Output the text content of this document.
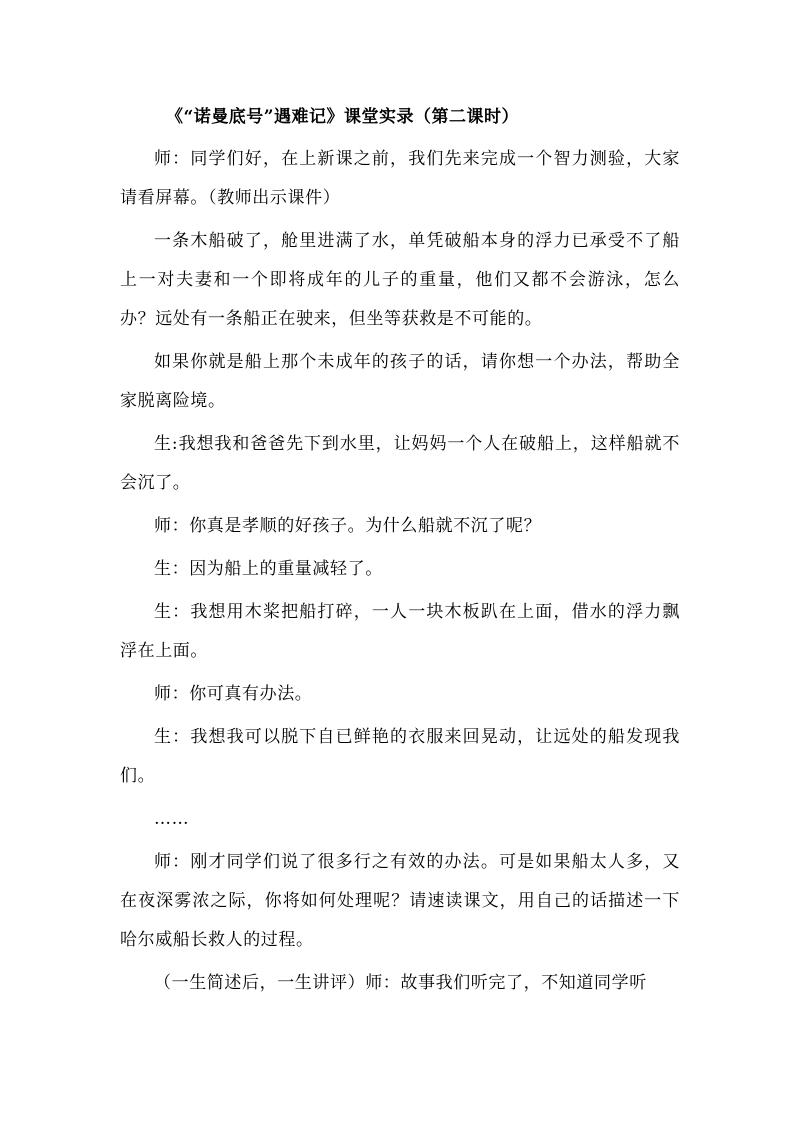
《“诺曼底号”遇难记》课堂实录（第二课时）

师：同学们好，在上新课之前，我们先来完成一个智力测验，大家请看屏幕。（教师出示课件）

一条木船破了，舱里进满了水，单凭破船本身的浮力已承受不了船上一对夫妻和一个即将成年的儿子的重量，他们又都不会游泳，怎么办？远处有一条船正在驶来，但坐等获救是不可能的。

如果你就是船上那个未成年的孩子的话，请你想一个办法，帮助全家脱离险境。

生:我想我和爸爸先下到水里，让妈妈一个人在破船上，这样船就不会沉了。

师：你真是孝顺的好孩子。为什么船就不沉了呢？

生：因为船上的重量减轻了。

生：我想用木桨把船打碎，一人一块木板趴在上面，借水的浮力飘浮在上面。

师：你可真有办法。

生：我想我可以脱下自已鲜艳的衣服来回晃动，让远处的船发现我们。

……

师：刚才同学们说了很多行之有效的办法。可是如果船太人多，又在夜深雾浓之际，你将如何处理呢？请速读课文，用自己的话描述一下哈尔威船长救人的过程。

（一生简述后，一生讲评）师：故事我们听完了，不知道同学听
